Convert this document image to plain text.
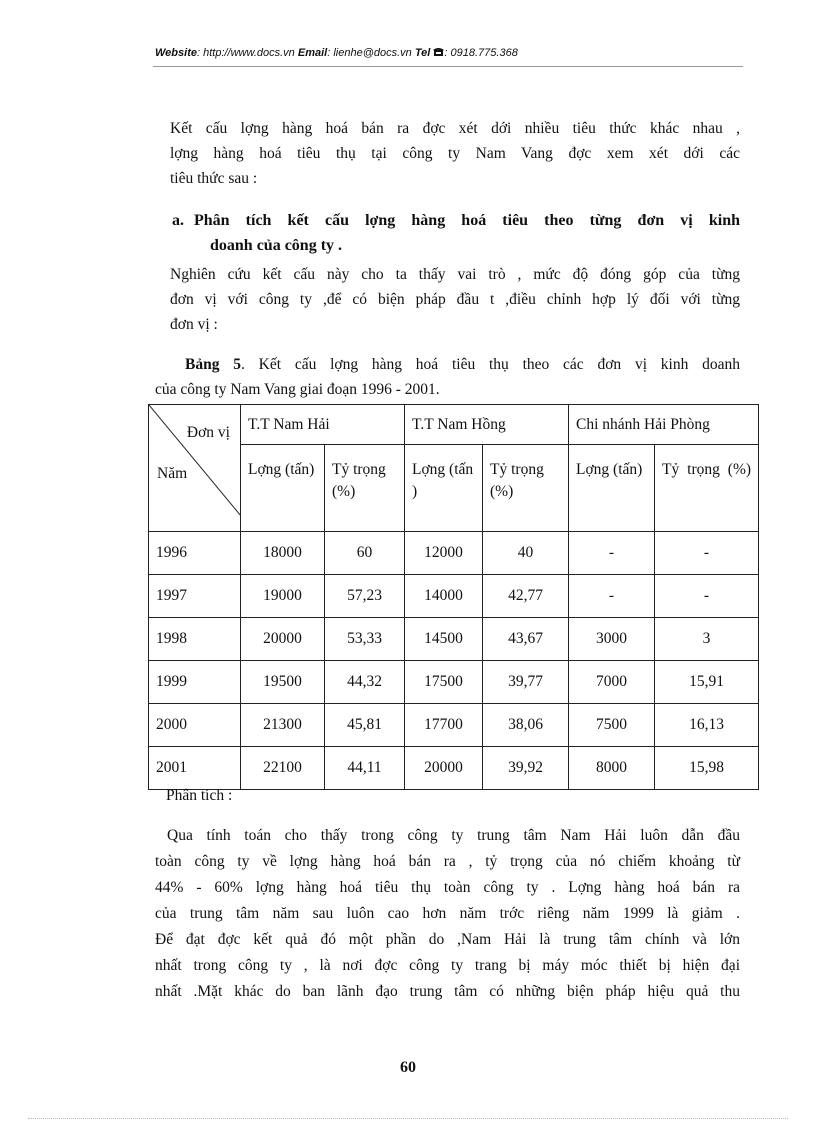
Website: http://www.docs.vn Email: lienhe@docs.vn Tel : 0918.775.368
Kết cấu lợng hàng hoá bán ra đợc xét dới nhiều tiêu thức khác nhau ,
lợng hàng hoá tiêu thụ tại công ty Nam Vang đợc xem xét dới các
tiêu thức sau :
a. Phân tích kết cấu lợng hàng hoá tiêu theo từng đơn vị kinh
doanh của công ty .
Nghiên cứu kết cấu này cho ta thấy vai trò , mức độ đóng góp của từng
đơn vị với công ty ,để có biện pháp đầu t ,điều chỉnh hợp lý đối với từng
đơn vị :
Bảng 5. Kết cấu lợng hàng hoá tiêu thụ theo các đơn vị kinh doanh
của công ty Nam Vang giai đoạn 1996 - 2001.
Đơn vị
Năm	T.T Nam Hải		T.T Nam Hồng		Chi nhánh Hải Phòng	
	Lợng (tấn)	Tỷ trọng (%)	Lợng (tấn )	Tỷ trọng (%)	Lợng (tấn)	Tỷ trọng (%)
1996	18000	60	12000	40	-	-
1997	19000	57,23	14000	42,77	-	-
1998	20000	53,33	14500	43,67	3000	3
1999	19500	44,32	17500	39,77	7000	15,91
2000	21300	45,81	17700	38,06	7500	16,13
2001	22100	44,11	20000	39,92	8000	15,98
Phân tích :
Qua tính toán cho thấy trong công ty trung tâm Nam Hải luôn dẫn đầu
toàn công ty về lợng hàng hoá bán ra , tỷ trọng của nó chiếm khoảng từ
44% - 60% lợng hàng hoá tiêu thụ toàn công ty . Lợng hàng hoá bán ra
của trung tâm năm sau luôn cao hơn năm trớc riêng năm 1999 là giảm .
Để đạt đợc kết quả đó một phần do ,Nam Hải là trung tâm chính và lớn
nhất trong công ty , là nơi đợc công ty trang bị máy móc thiết bị hiện đại
nhất .Mặt khác do ban lãnh đạo trung tâm có những biện pháp hiệu quả thu
60
